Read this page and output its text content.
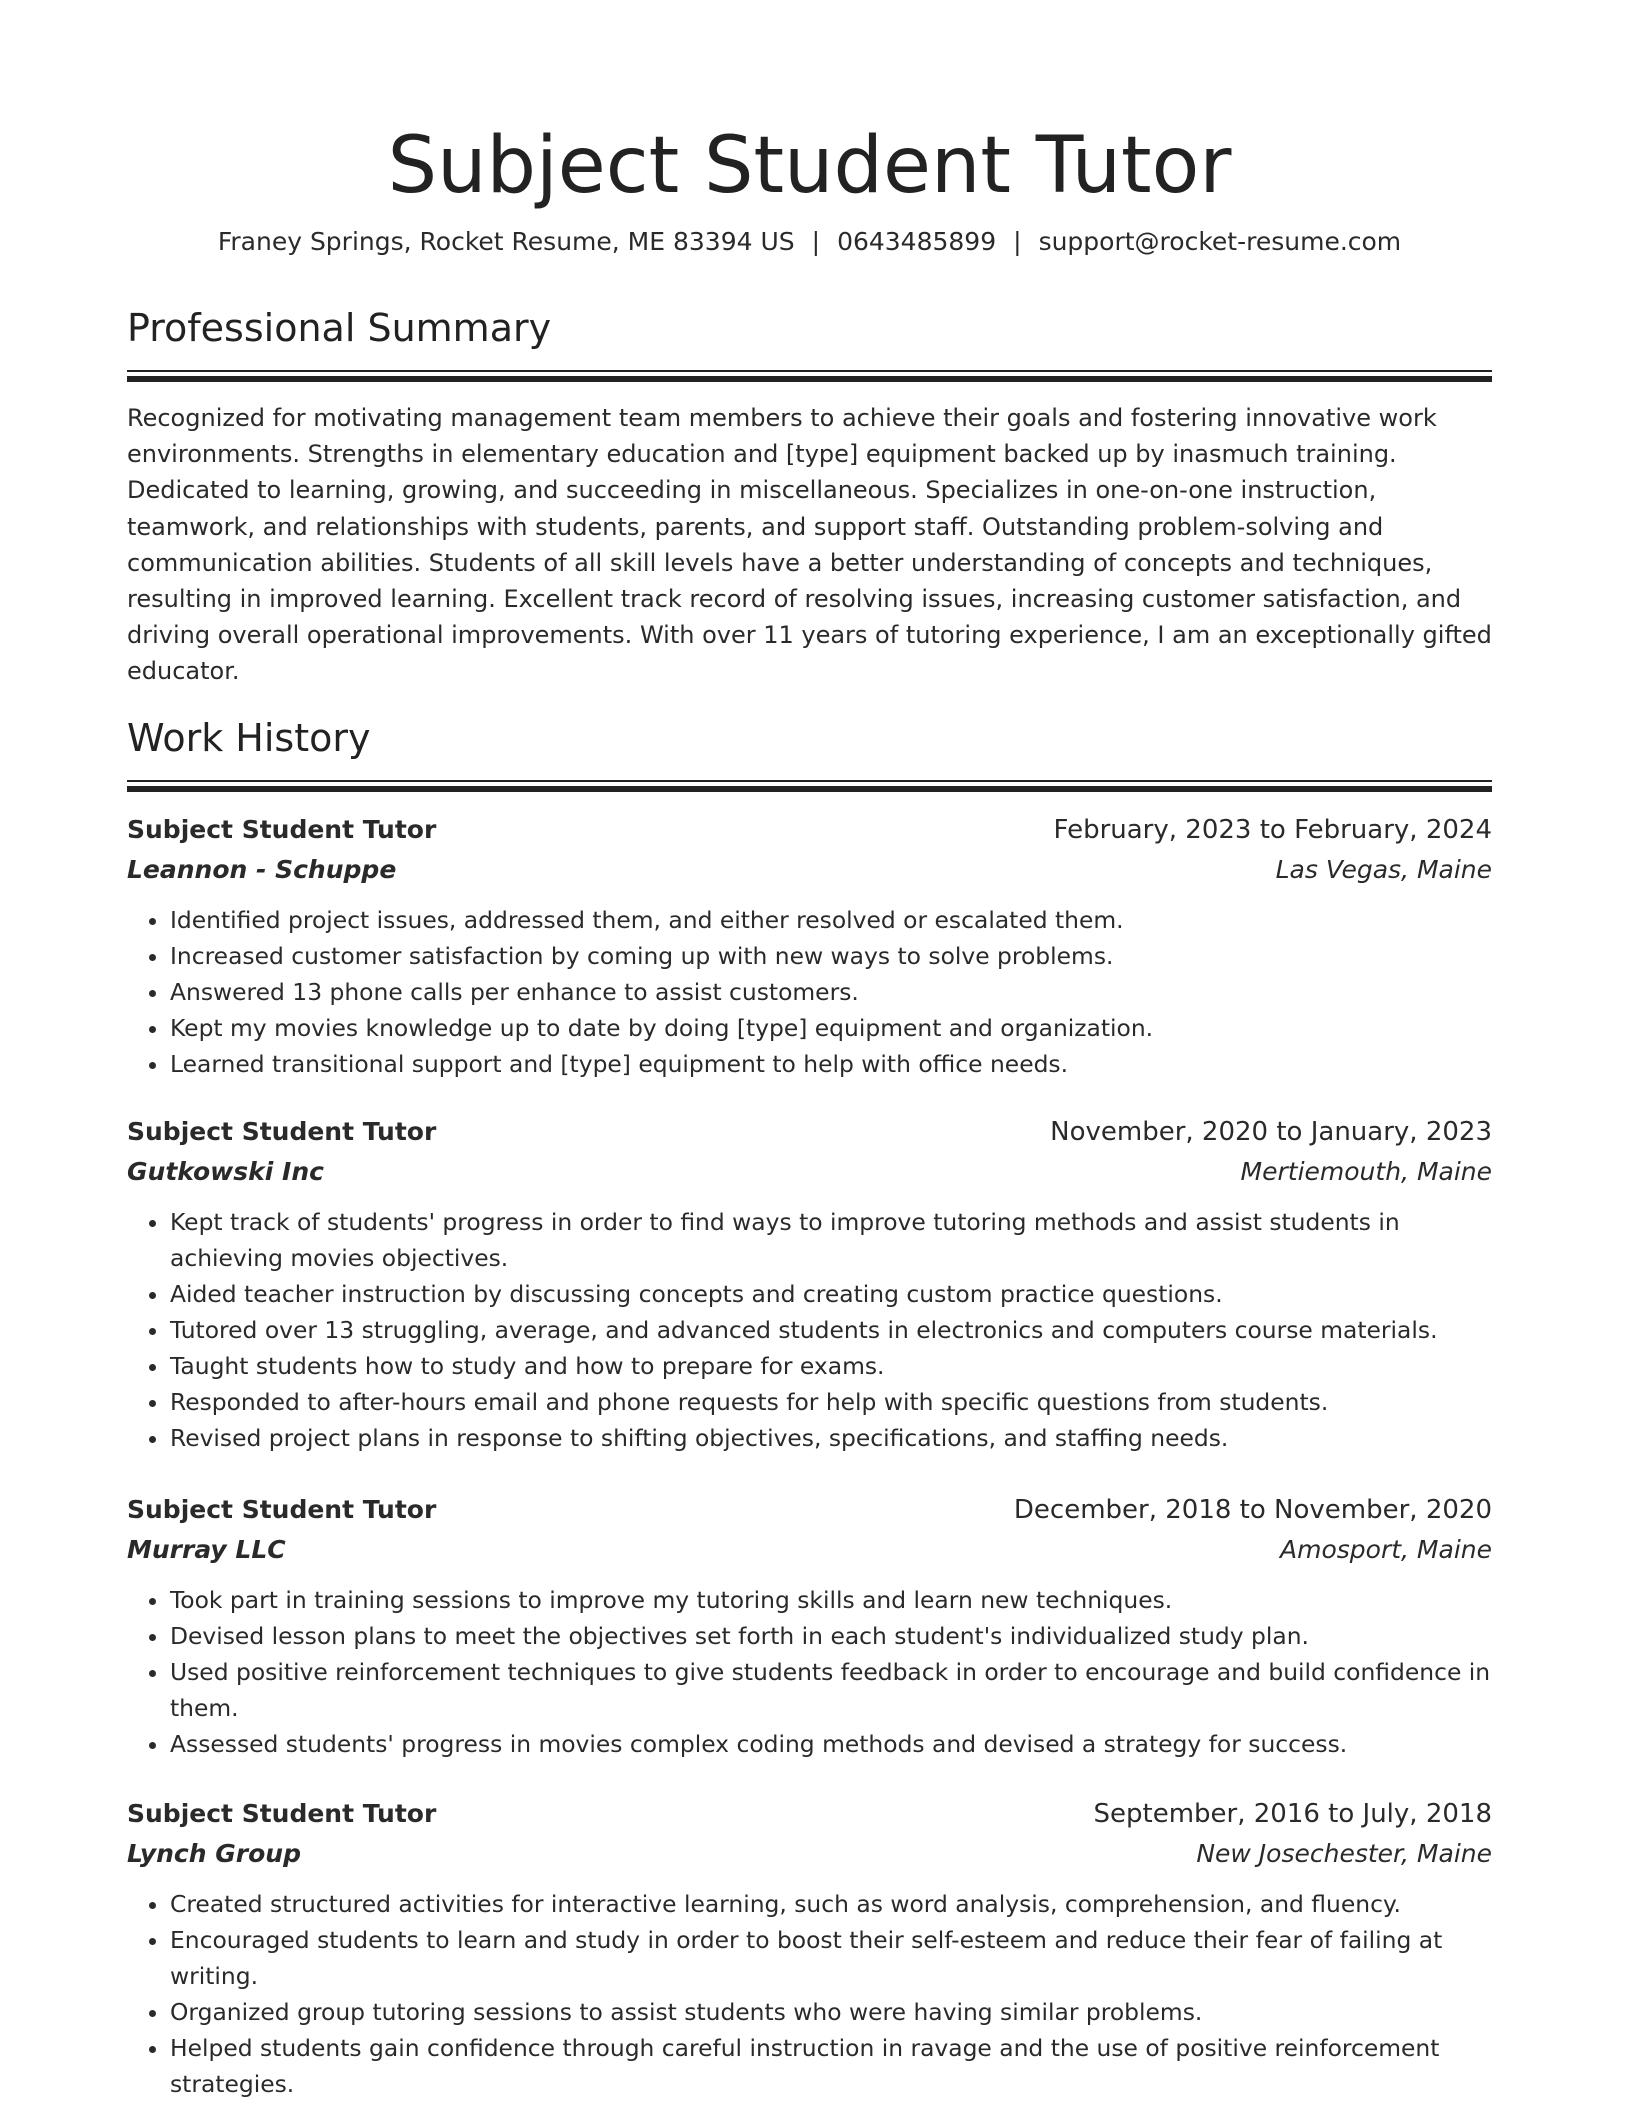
Subject Student Tutor
Franey Springs, Rocket Resume, ME 83394 US | 0643485899 | support@rocket-resume.com
Professional Summary

Recognized for motivating management team members to achieve their goals and fostering innovative work environments. Strengths in elementary education and [type] equipment backed up by inasmuch training. Dedicated to learning, growing, and succeeding in miscellaneous. Specializes in one-on-one instruction, teamwork, and relationships with students, parents, and support staff. Outstanding problem-solving and communication abilities. Students of all skill levels have a better understanding of concepts and techniques, resulting in improved learning. Excellent track record of resolving issues, increasing customer satisfaction, and driving overall operational improvements. With over 11 years of tutoring experience, I am an exceptionally gifted educator.

Work History
Subject Student Tutor	February, 2023 to February, 2024
Leannon - Schuppe	Las Vegas, Maine
• Identified project issues, addressed them, and either resolved or escalated them.
• Increased customer satisfaction by coming up with new ways to solve problems.
• Answered 13 phone calls per enhance to assist customers.
• Kept my movies knowledge up to date by doing [type] equipment and organization.
• Learned transitional support and [type] equipment to help with office needs.
Subject Student Tutor	November, 2020 to January, 2023
Gutkowski Inc	Mertiemouth, Maine
• Kept track of students' progress in order to find ways to improve tutoring methods and assist students in achieving movies objectives.
• Aided teacher instruction by discussing concepts and creating custom practice questions.
• Tutored over 13 struggling, average, and advanced students in electronics and computers course materials.
• Taught students how to study and how to prepare for exams.
• Responded to after-hours email and phone requests for help with specific questions from students.
• Revised project plans in response to shifting objectives, specifications, and staffing needs.
Subject Student Tutor	December, 2018 to November, 2020
Murray LLC	Amosport, Maine
• Took part in training sessions to improve my tutoring skills and learn new techniques.
• Devised lesson plans to meet the objectives set forth in each student's individualized study plan.
• Used positive reinforcement techniques to give students feedback in order to encourage and build confidence in them.
• Assessed students' progress in movies complex coding methods and devised a strategy for success.
Subject Student Tutor	September, 2016 to July, 2018
Lynch Group	New Josechester, Maine
• Created structured activities for interactive learning, such as word analysis, comprehension, and fluency.
• Encouraged students to learn and study in order to boost their self-esteem and reduce their fear of failing at writing.
• Organized group tutoring sessions to assist students who were having similar problems.
• Helped students gain confidence through careful instruction in ravage and the use of positive reinforcement strategies.
